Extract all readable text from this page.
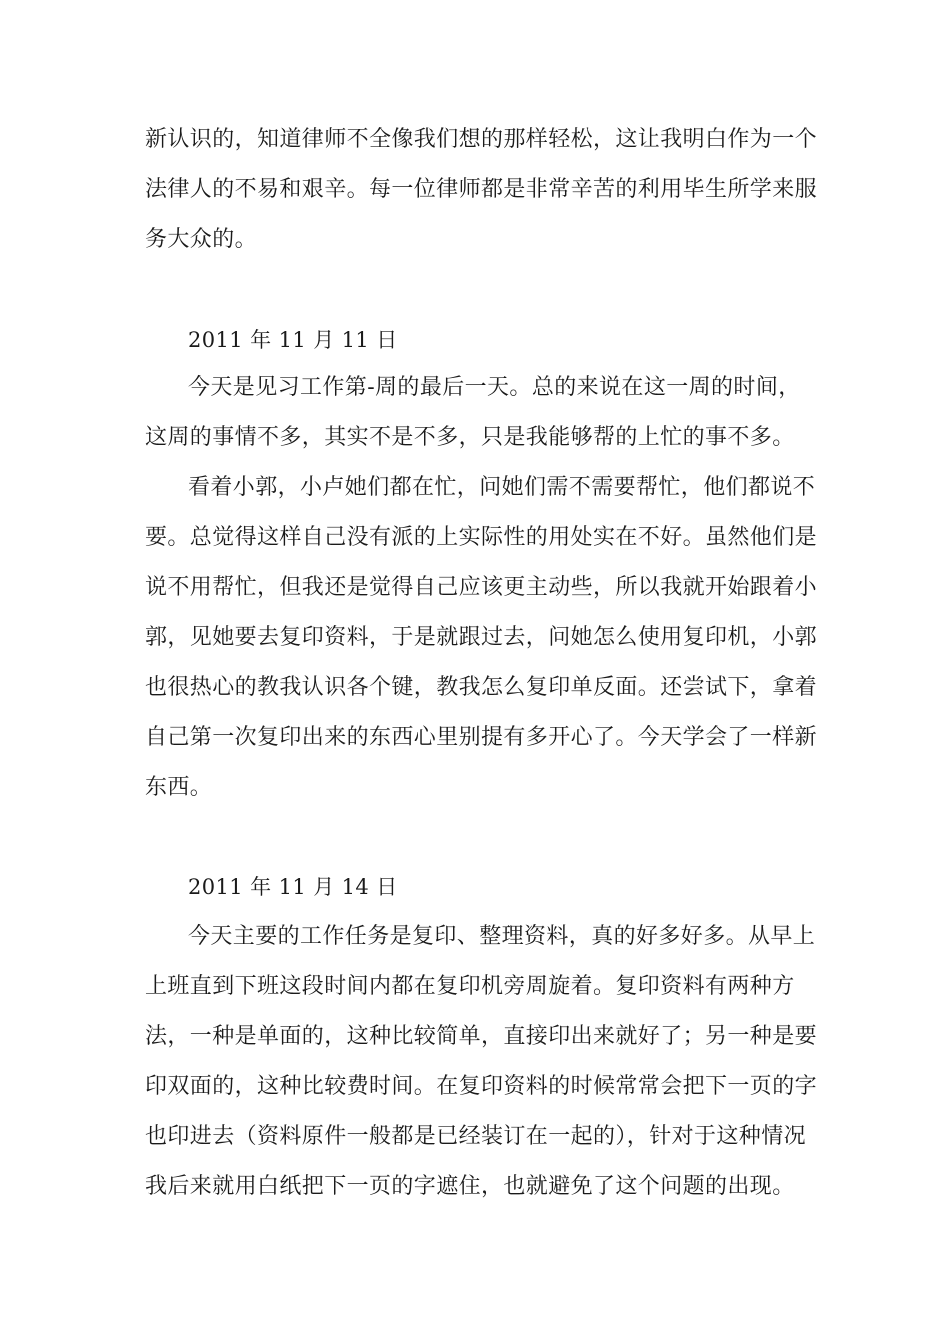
新认识的，知道律师不全像我们想的那样轻松，这让我明白作为一个
法律人的不易和艰辛。每一位律师都是非常辛苦的利用毕生所学来服
务大众的。
2011 年 11 月 11 日
今天是见习工作第-周的最后一天。总的来说在这一周的时间，
这周的事情不多，其实不是不多，只是我能够帮的上忙的事不多。
看着小郭，小卢她们都在忙，问她们需不需要帮忙，他们都说不
要。总觉得这样自己没有派的上实际性的用处实在不好。虽然他们是
说不用帮忙，但我还是觉得自己应该更主动些，所以我就开始跟着小
郭，见她要去复印资料，于是就跟过去，问她怎么使用复印机，小郭
也很热心的教我认识各个键，教我怎么复印单反面。还尝试下，拿着
自己第一次复印出来的东西心里别提有多开心了。今天学会了一样新
东西。
2011 年 11 月 14 日
今天主要的工作任务是复印、整理资料，真的好多好多。从早上
上班直到下班这段时间内都在复印机旁周旋着。复印资料有两种方
法，一种是单面的，这种比较简单，直接印出来就好了；另一种是要
印双面的，这种比较费时间。在复印资料的时候常常会把下一页的字
也印进去（资料原件一般都是已经装订在一起的），针对于这种情况
我后来就用白纸把下一页的字遮住，也就避免了这个问题的出现。
